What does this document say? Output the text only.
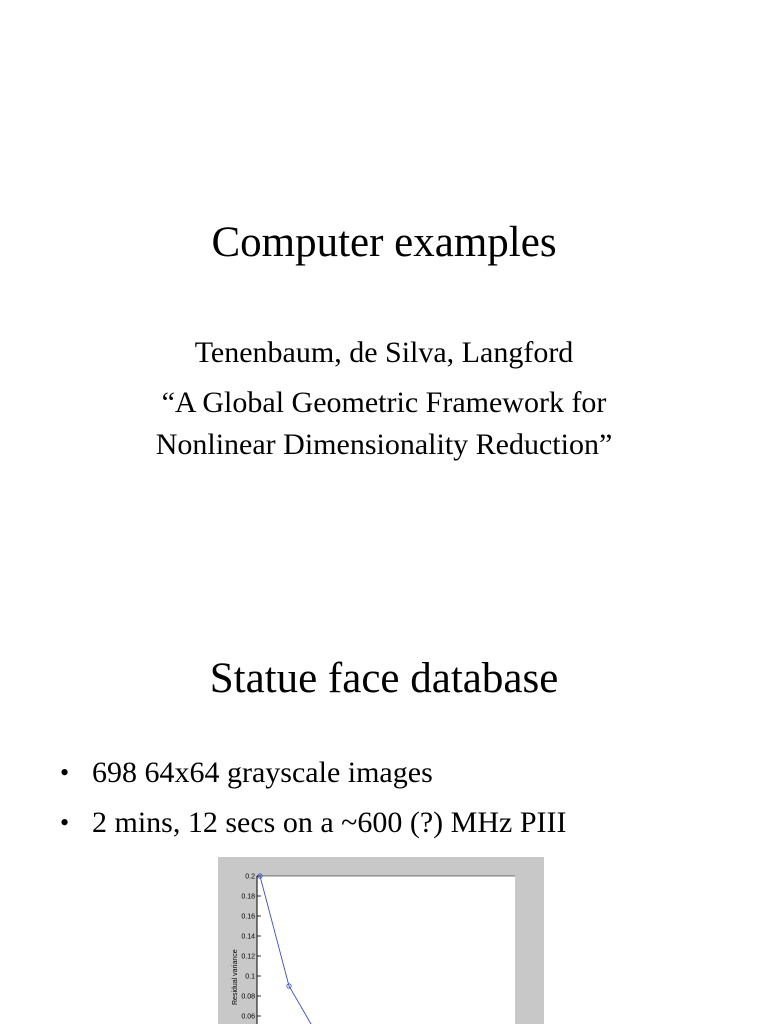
Computer examples
Tenenbaum, de Silva, Langford
“A Global Geometric Framework for
Nonlinear Dimensionality Reduction”
Statue face database
• 698 64x64 grayscale images
• 2 mins, 12 secs on a ~600 (?) MHz PIII
0.2
0.18
0.16
0.14
0.12
0.1
0.08
0.06
Residual variance
